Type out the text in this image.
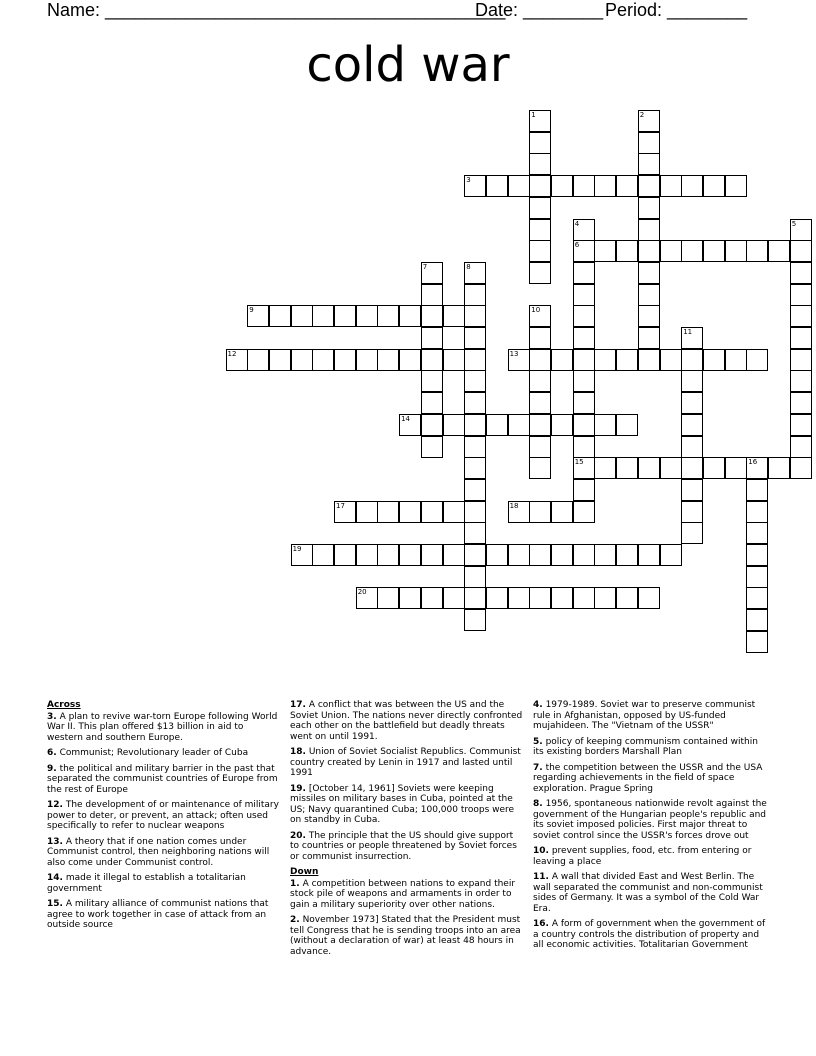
Name: ________________________________________
Date: ________ Period: ________
cold war
1	2
3
4	5
6
7	8
9	10
11
12	13
14
15	16
17	18
19
20
Across
3. A plan to revive war-torn Europe following World War II. This plan offered $13 billion in aid to western and southern Europe.
6. Communist; Revolutionary leader of Cuba
9. the political and military barrier in the past that separated the communist countries of Europe from the rest of Europe
12. The development of or maintenance of military power to deter, or prevent, an attack; often used specifically to refer to nuclear weapons
13. A theory that if one nation comes under Communist control, then neighboring nations will also come under Communist control.
14. made it illegal to establish a totalitarian government
15. A military alliance of communist nations that agree to work together in case of attack from an outside source
17. A conflict that was between the US and the Soviet Union. The nations never directly confronted each other on the battlefield but deadly threats went on until 1991.
18. Union of Soviet Socialist Republics. Communist country created by Lenin in 1917 and lasted until 1991
19. [October 14, 1961] Soviets were keeping missiles on military bases in Cuba, pointed at the US; Navy quarantined Cuba; 100,000 troops were on standby in Cuba.
20. The principle that the US should give support to countries or people threatened by Soviet forces or communist insurrection.
Down
1. A competition between nations to expand their stock pile of weapons and armaments in order to gain a military superiority over other nations.
2. November 1973] Stated that the President must tell Congress that he is sending troops into an area (without a declaration of war) at least 48 hours in advance.
4. 1979-1989. Soviet war to preserve communist rule in Afghanistan, opposed by US-funded mujahideen. The "Vietnam of the USSR"
5. policy of keeping communism contained within its existing borders Marshall Plan
7. the competition between the USSR and the USA regarding achievements in the field of space exploration. Prague Spring
8. 1956, spontaneous nationwide revolt against the government of the Hungarian people's republic and its soviet imposed policies. First major threat to soviet control since the USSR's forces drove out
10. prevent supplies, food, etc. from entering or leaving a place
11. A wall that divided East and West Berlin. The wall separated the communist and non-communist sides of Germany. It was a symbol of the Cold War Era.
16. A form of government when the government of a country controls the distribution of property and all economic activities. Totalitarian Government
